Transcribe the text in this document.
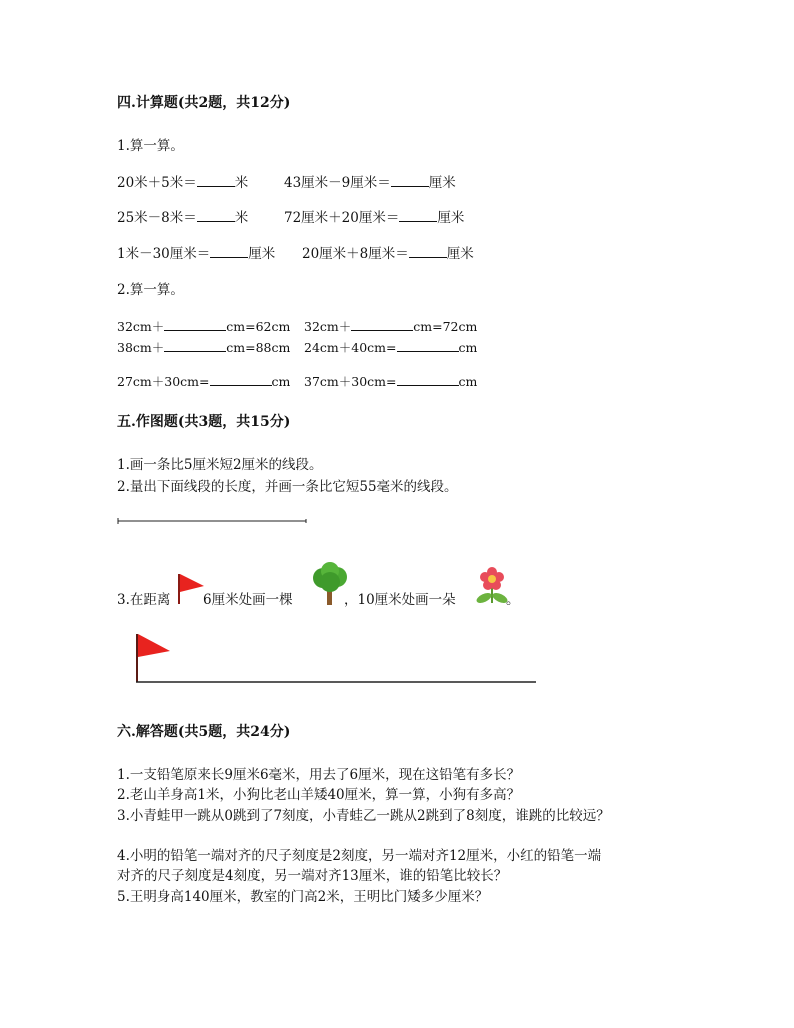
四.计算题(共2题，共12分)
1.算一算。
20米＋5米＝	米	43厘米－9厘米＝	厘米
25米－8米＝	米	72厘米＋20厘米＝	厘米
1米－30厘米＝	厘米 20厘米＋8厘米＝	厘米
2.算一算。
32cm＋	cm=62cm 32cm＋	cm=72cm
38cm＋	cm=88cm 24cm＋40cm=	cm
27cm＋30cm=	cm 37cm＋30cm=	cm
五.作图题(共3题，共15分)
1.画一条比5厘米短2厘米的线段。
2.量出下面线段的长度，并画一条比它短55毫米的线段。
3.在距离 6厘米处画一棵	，10厘米处画一朵	。
六.解答题(共5题，共24分)
1.一支铅笔原来长9厘米6毫米，用去了6厘米，现在这铅笔有多长？
2.老山羊身高1米，小狗比老山羊矮40厘米，算一算，小狗有多高？
3.小青蛙甲一跳从0跳到了7刻度，小青蛙乙一跳从2跳到了8刻度，谁跳的比较远？
4.小明的铅笔一端对齐的尺子刻度是2刻度，另一端对齐12厘米，小红的铅笔一端
对齐的尺子刻度是4刻度，另一端对齐13厘米，谁的铅笔比较长？
5.王明身高140厘米，教室的门高2米，王明比门矮多少厘米？
